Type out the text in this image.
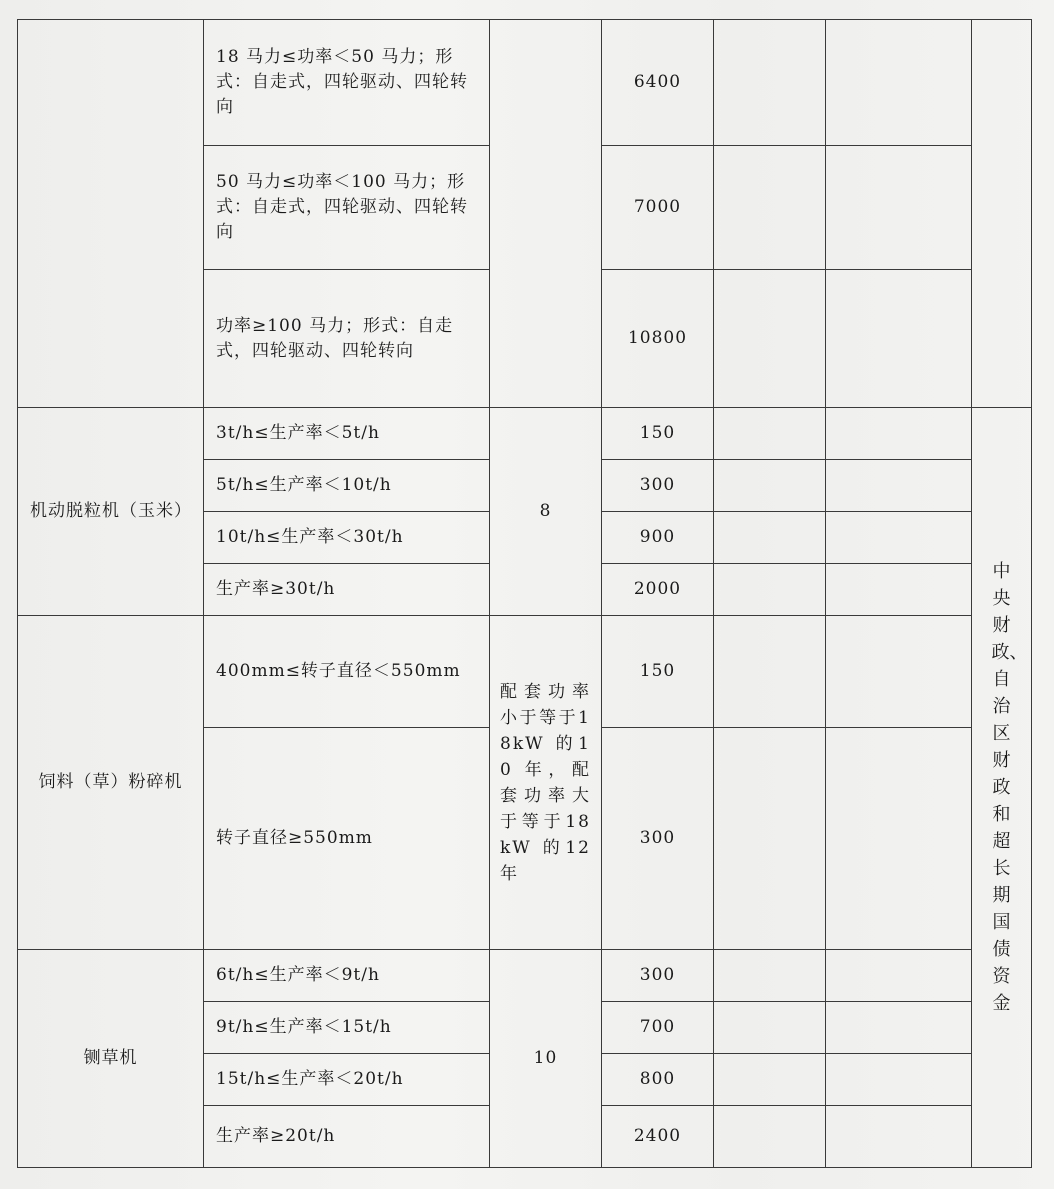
	18 马力≤功率＜50 马力；形式：自走式，四轮驱动、四轮转向		6400			
	50 马力≤功率＜100 马力；形式：自走式，四轮驱动、四轮转向		7000			
	功率≥100 马力；形式：自走式，四轮驱动、四轮转向		10800			
机动脱粒机（玉米）	3t/h≤生产率＜5t/h	8	150			中央财政、自治区财政和超长期国债资金
	5t/h≤生产率＜10t/h		300			
	10t/h≤生产率＜30t/h		900			
	生产率≥30t/h		2000			
饲料（草）粉碎机	400mm≤转子直径＜550mm	配套功率小于等于18kW 的10 年，配套功率大于等于18kW 的12 年	150			
	转子直径≥550mm		300			
铡草机	6t/h≤生产率＜9t/h	10	300			
	9t/h≤生产率＜15t/h		700			
	15t/h≤生产率＜20t/h		800			
	生产率≥20t/h		2400			
